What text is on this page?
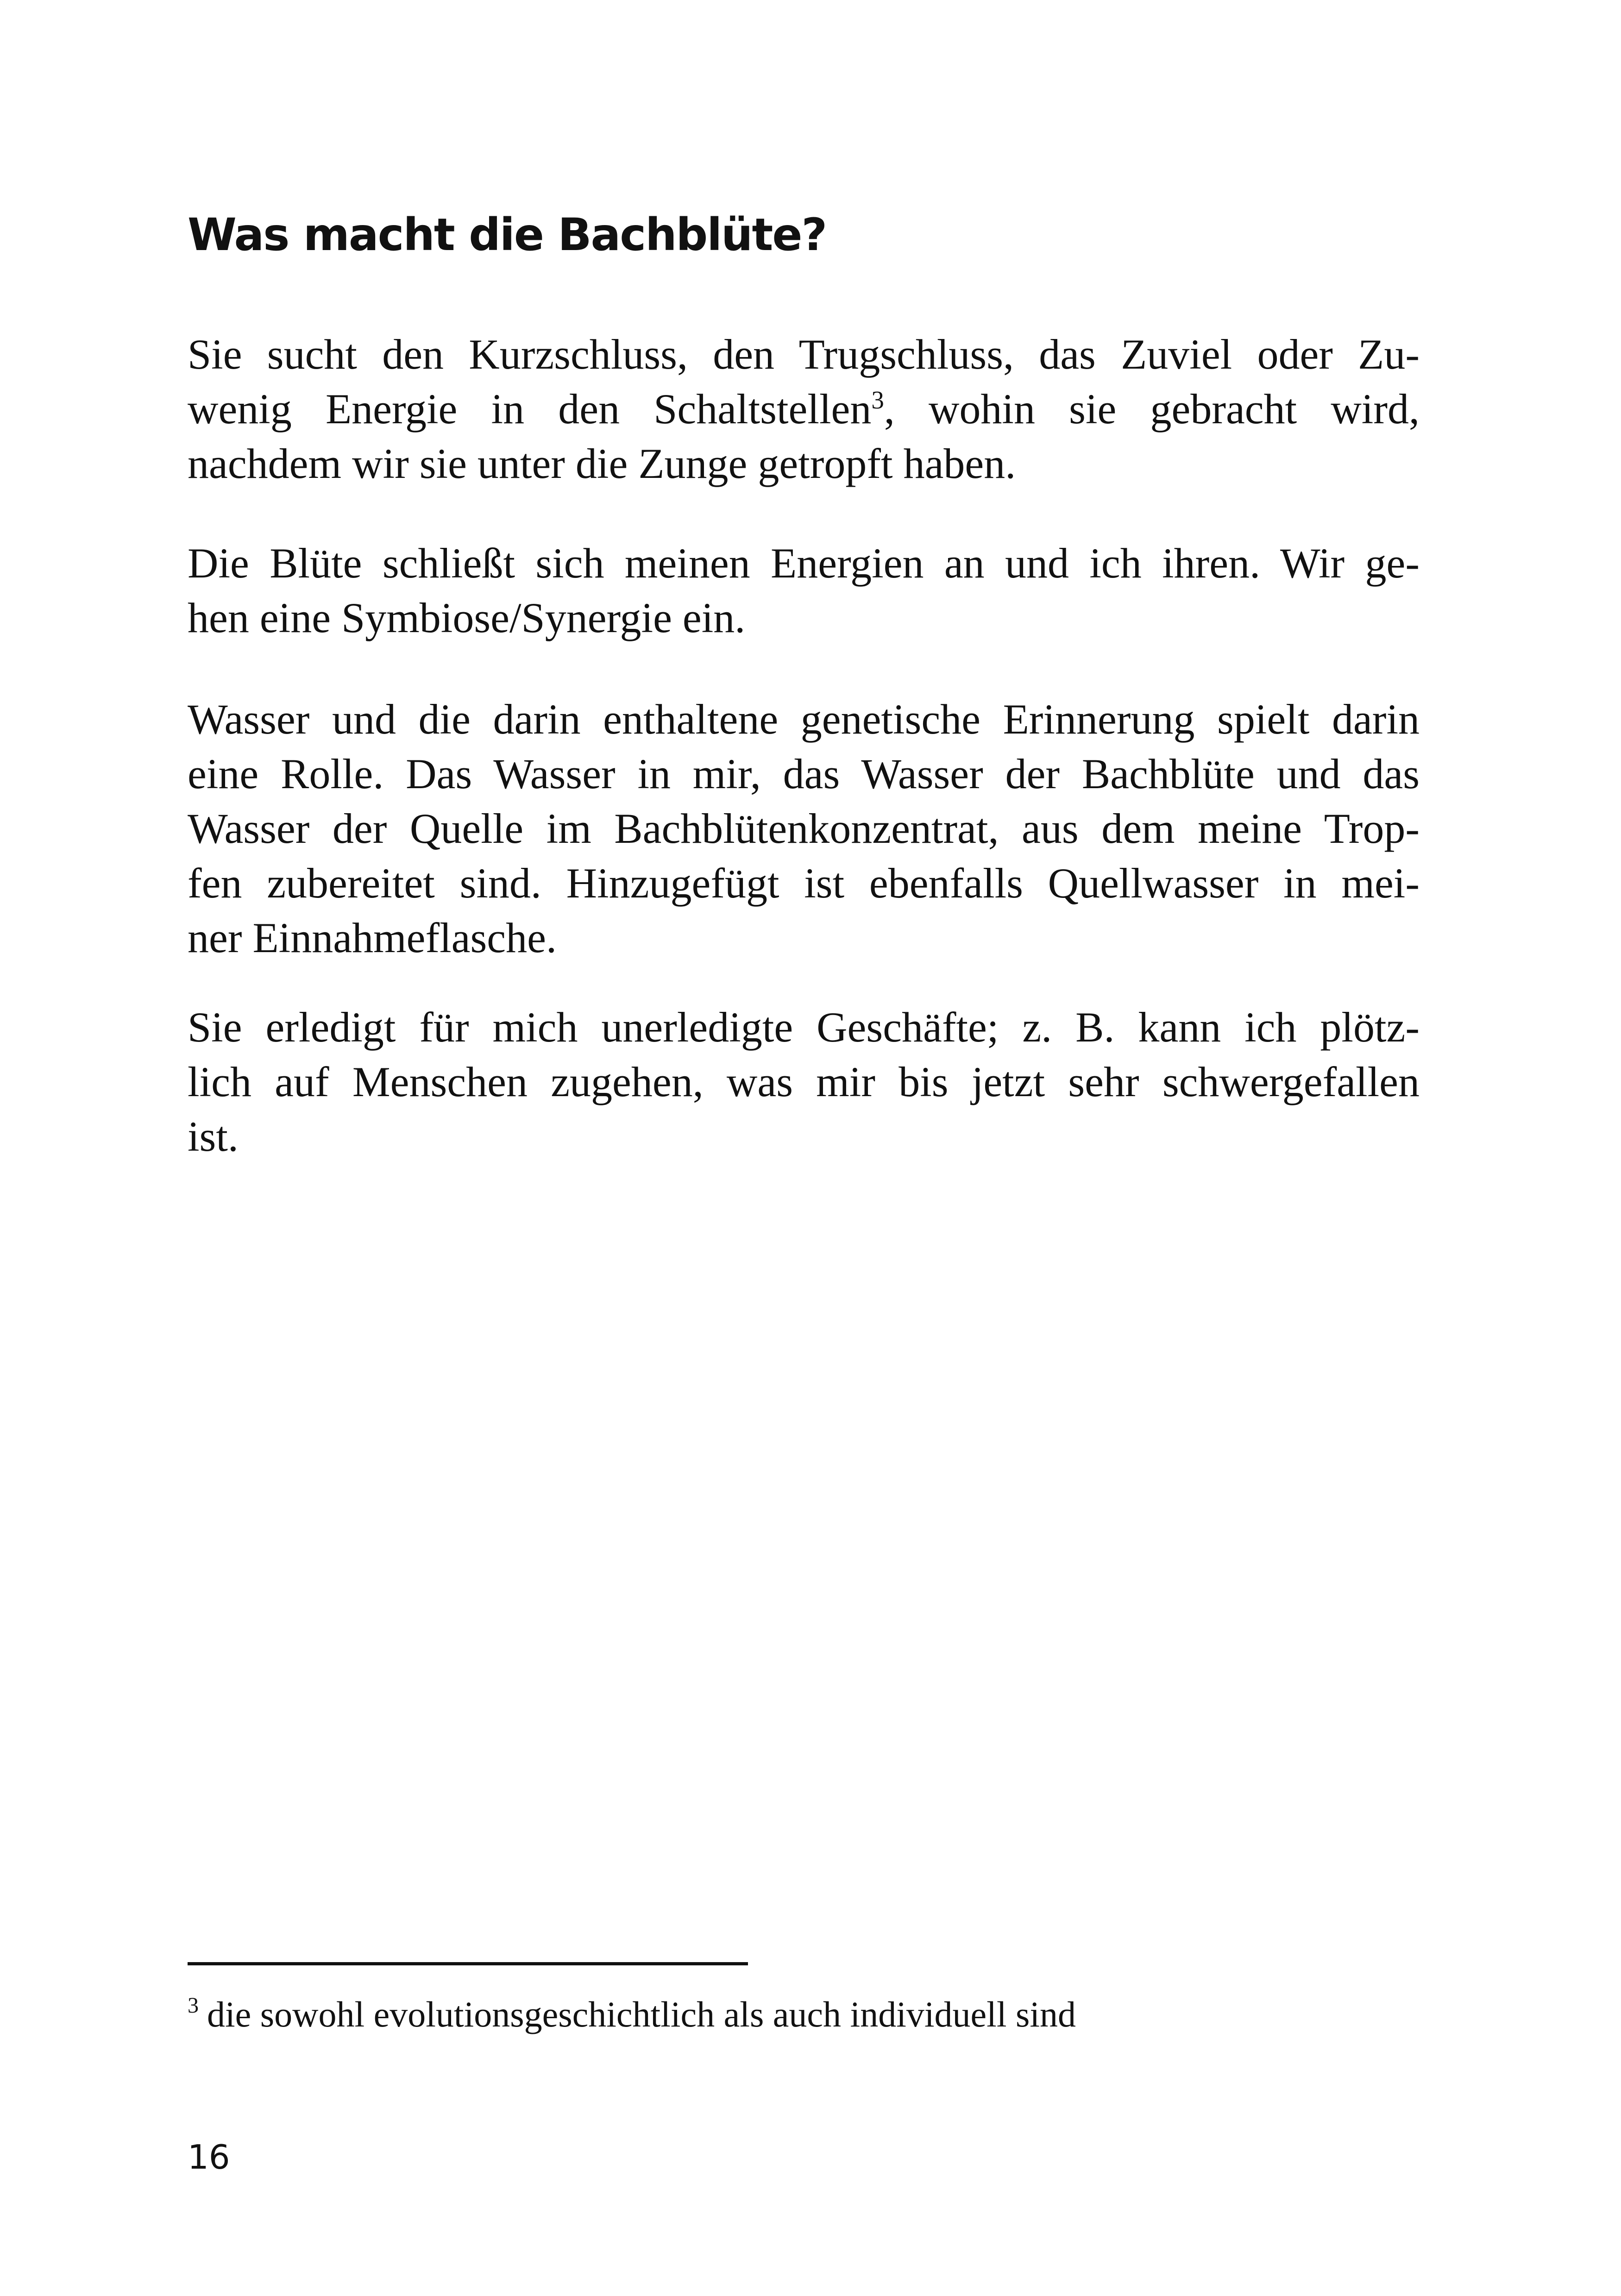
Was macht die Bachblüte?
Sie sucht den Kurzschluss, den Trugschluss, das Zuviel oder Zu-
wenig Energie in den Schaltstellen$^3$, wohin sie gebracht wird,
nachdem wir sie unter die Zunge getropft haben.
Die Blüte schließt sich meinen Energien an und ich ihren. Wir ge-
hen eine Symbiose/Synergie ein.
Wasser und die darin enthaltene genetische Erinnerung spielt darin
eine Rolle. Das Wasser in mir, das Wasser der Bachblüte und das
Wasser der Quelle im Bachblütenkonzentrat, aus dem meine Trop-
fen zubereitet sind. Hinzugefügt ist ebenfalls Quellwasser in mei-
ner Einnahmeflasche.
Sie erledigt für mich unerledigte Geschäfte; z. B. kann ich plötz-
lich auf Menschen zugehen, was mir bis jetzt sehr schwergefallen
ist.
$^3$ die sowohl evolutionsgeschichtlich als auch individuell sind
16
